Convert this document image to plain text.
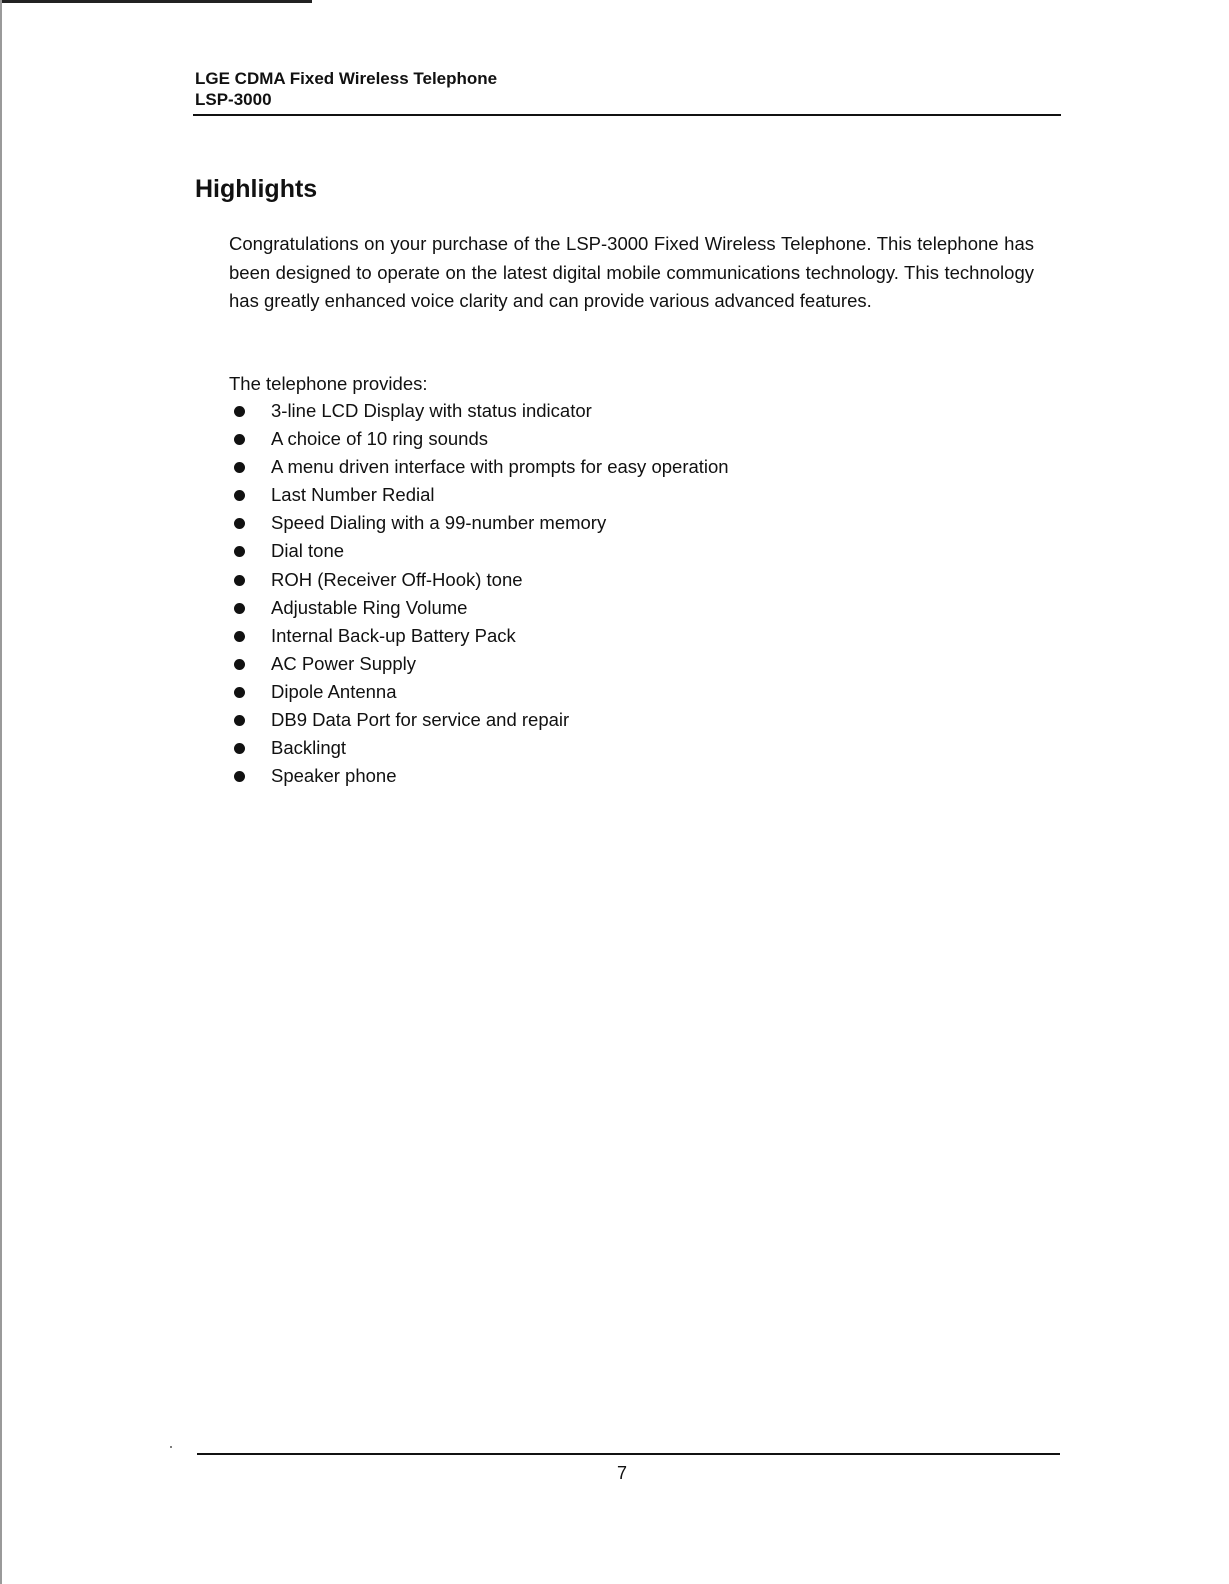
LGE CDMA Fixed Wireless Telephone
LSP-3000
Highlights

Congratulations on your purchase of the LSP-3000 Fixed Wireless Telephone. This telephone has been designed to operate on the latest digital mobile communications technology. This technology has greatly enhanced voice clarity and can provide various advanced features.

The telephone provides:

3-line LCD Display with status indicator
A choice of 10 ring sounds
A menu driven interface with prompts for easy operation
Last Number Redial
Speed Dialing with a 99-number memory
Dial tone
ROH (Receiver Off-Hook) tone
Adjustable Ring Volume
Internal Back-up Battery Pack
AC Power Supply
Dipole Antenna
DB9 Data Port for service and repair
Backlingt
Speaker phone
7
